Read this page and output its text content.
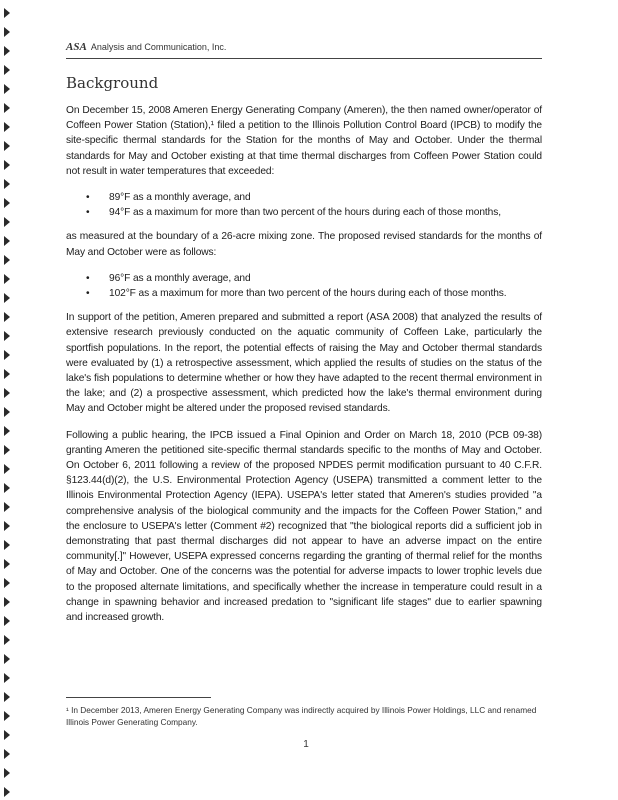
ASA Analysis and Communication, Inc.
Background

On December 15, 2008 Ameren Energy Generating Company (Ameren), the then named owner/operator of Coffeen Power Station (Station),¹ filed a petition to the Illinois Pollution Control Board (IPCB) to modify the site-specific thermal standards for the Station for the months of May and October. Under the thermal standards for May and October existing at that time thermal discharges from Coffeen Power Station could not result in water temperatures that exceeded:

• 89°F as a monthly average, and
• 94°F as a maximum for more than two percent of the hours during each of those months,

as measured at the boundary of a 26-acre mixing zone. The proposed revised standards for the months of May and October were as follows:

• 96°F as a monthly average, and
• 102°F as a maximum for more than two percent of the hours during each of those months.

In support of the petition, Ameren prepared and submitted a report (ASA 2008) that analyzed the results of extensive research previously conducted on the aquatic community of Coffeen Lake, particularly the sportfish populations. In the report, the potential effects of raising the May and October thermal standards were evaluated by (1) a retrospective assessment, which applied the results of studies on the status of the lake's fish populations to determine whether or how they have adapted to the recent thermal environment in the lake; and (2) a prospective assessment, which predicted how the lake's thermal environment during May and October might be altered under the proposed revised standards.

Following a public hearing, the IPCB issued a Final Opinion and Order on March 18, 2010 (PCB 09-38) granting Ameren the petitioned site-specific thermal standards specific to the months of May and October. On October 6, 2011 following a review of the proposed NPDES permit modification pursuant to 40 C.F.R. §123.44(d)(2), the U.S. Environmental Protection Agency (USEPA) transmitted a comment letter to the Illinois Environmental Protection Agency (IEPA). USEPA's letter stated that Ameren's studies provided "a comprehensive analysis of the biological community and the impacts for the Coffeen Power Station," and the enclosure to USEPA's letter (Comment #2) recognized that "the biological reports did a sufficient job in demonstrating that past thermal discharges did not appear to have an adverse impact on the entire community[.]" However, USEPA expressed concerns regarding the granting of thermal relief for the months of May and October. One of the concerns was the potential for adverse impacts to lower trophic levels due to the proposed alternate limitations, and specifically whether the increase in temperature could result in a change in spawning behavior and increased predation to "significant life stages" due to earlier spawning and increased growth.

¹ In December 2013, Ameren Energy Generating Company was indirectly acquired by Illinois Power Holdings, LLC and renamed Illinois Power Generating Company.
1
